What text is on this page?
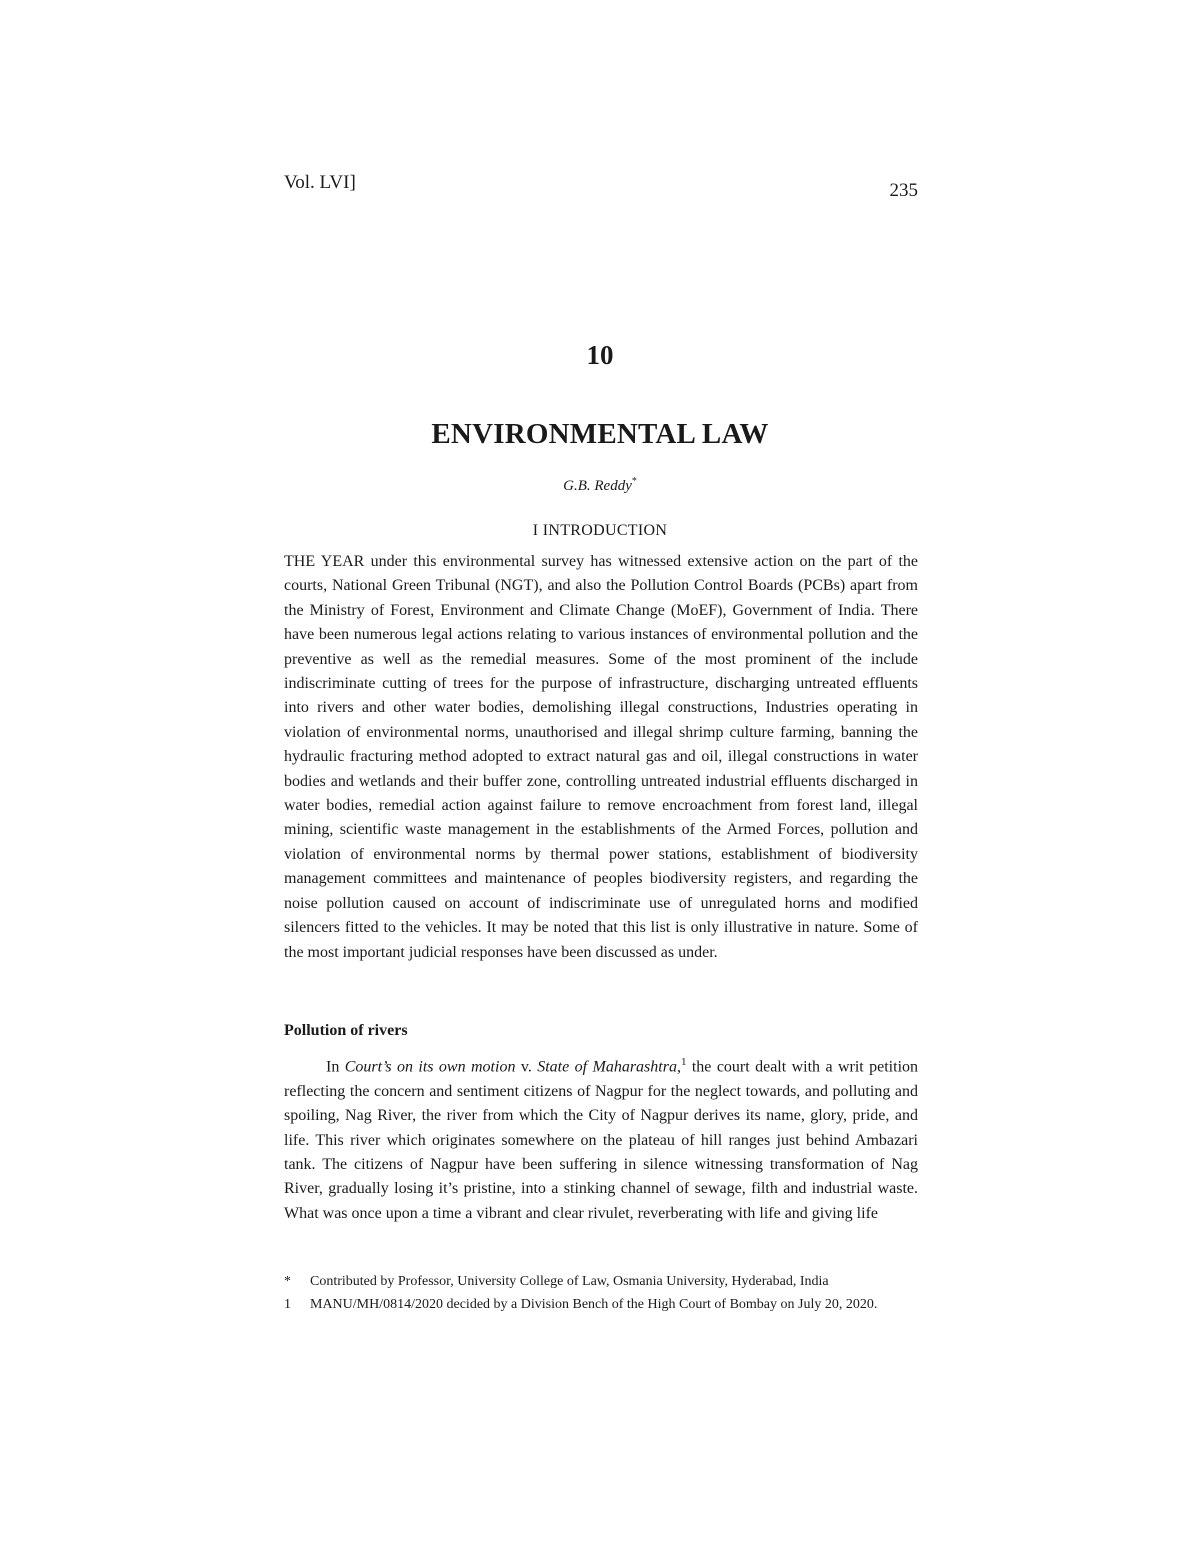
Vol. LVI]	235
10
ENVIRONMENTAL LAW
G.B. Reddy*
I INTRODUCTION

THE YEAR under this environmental survey has witnessed extensive action on the part of the courts, National Green Tribunal (NGT), and also the Pollution Control Boards (PCBs) apart from the Ministry of Forest, Environment and Climate Change (MoEF), Government of India. There have been numerous legal actions relating to various instances of environmental pollution and the preventive as well as the remedial measures. Some of the most prominent of the include indiscriminate cutting of trees for the purpose of infrastructure, discharging untreated effluents into rivers and other water bodies, demolishing illegal constructions, Industries operating in violation of environmental norms, unauthorised and illegal shrimp culture farming, banning the hydraulic fracturing method adopted to extract natural gas and oil, illegal constructions in water bodies and wetlands and their buffer zone, controlling untreated industrial effluents discharged in water bodies, remedial action against failure to remove encroachment from forest land, illegal mining, scientific waste management in the establishments of the Armed Forces, pollution and violation of environmental norms by thermal power stations, establishment of biodiversity management committees and maintenance of peoples biodiversity registers, and regarding the noise pollution caused on account of indiscriminate use of unregulated horns and modified silencers fitted to the vehicles. It may be noted that this list is only illustrative in nature. Some of the most important judicial responses have been discussed as under.

Pollution of rivers

In Court’s on its own motion v. State of Maharashtra,$^1$ the court dealt with a writ petition reflecting the concern and sentiment citizens of Nagpur for the neglect towards, and polluting and spoiling, Nag River, the river from which the City of Nagpur derives its name, glory, pride, and life. This river which originates somewhere on the plateau of hill ranges just behind Ambazari tank. The citizens of Nagpur have been suffering in silence witnessing transformation of Nag River, gradually losing it’s pristine, into a stinking channel of sewage, filth and industrial waste. What was once upon a time a vibrant and clear rivulet, reverberating with life and giving life

*	Contributed by Professor, University College of Law, Osmania University, Hyderabad, India
1	MANU/MH/0814/2020 decided by a Division Bench of the High Court of Bombay on July 20, 2020.
